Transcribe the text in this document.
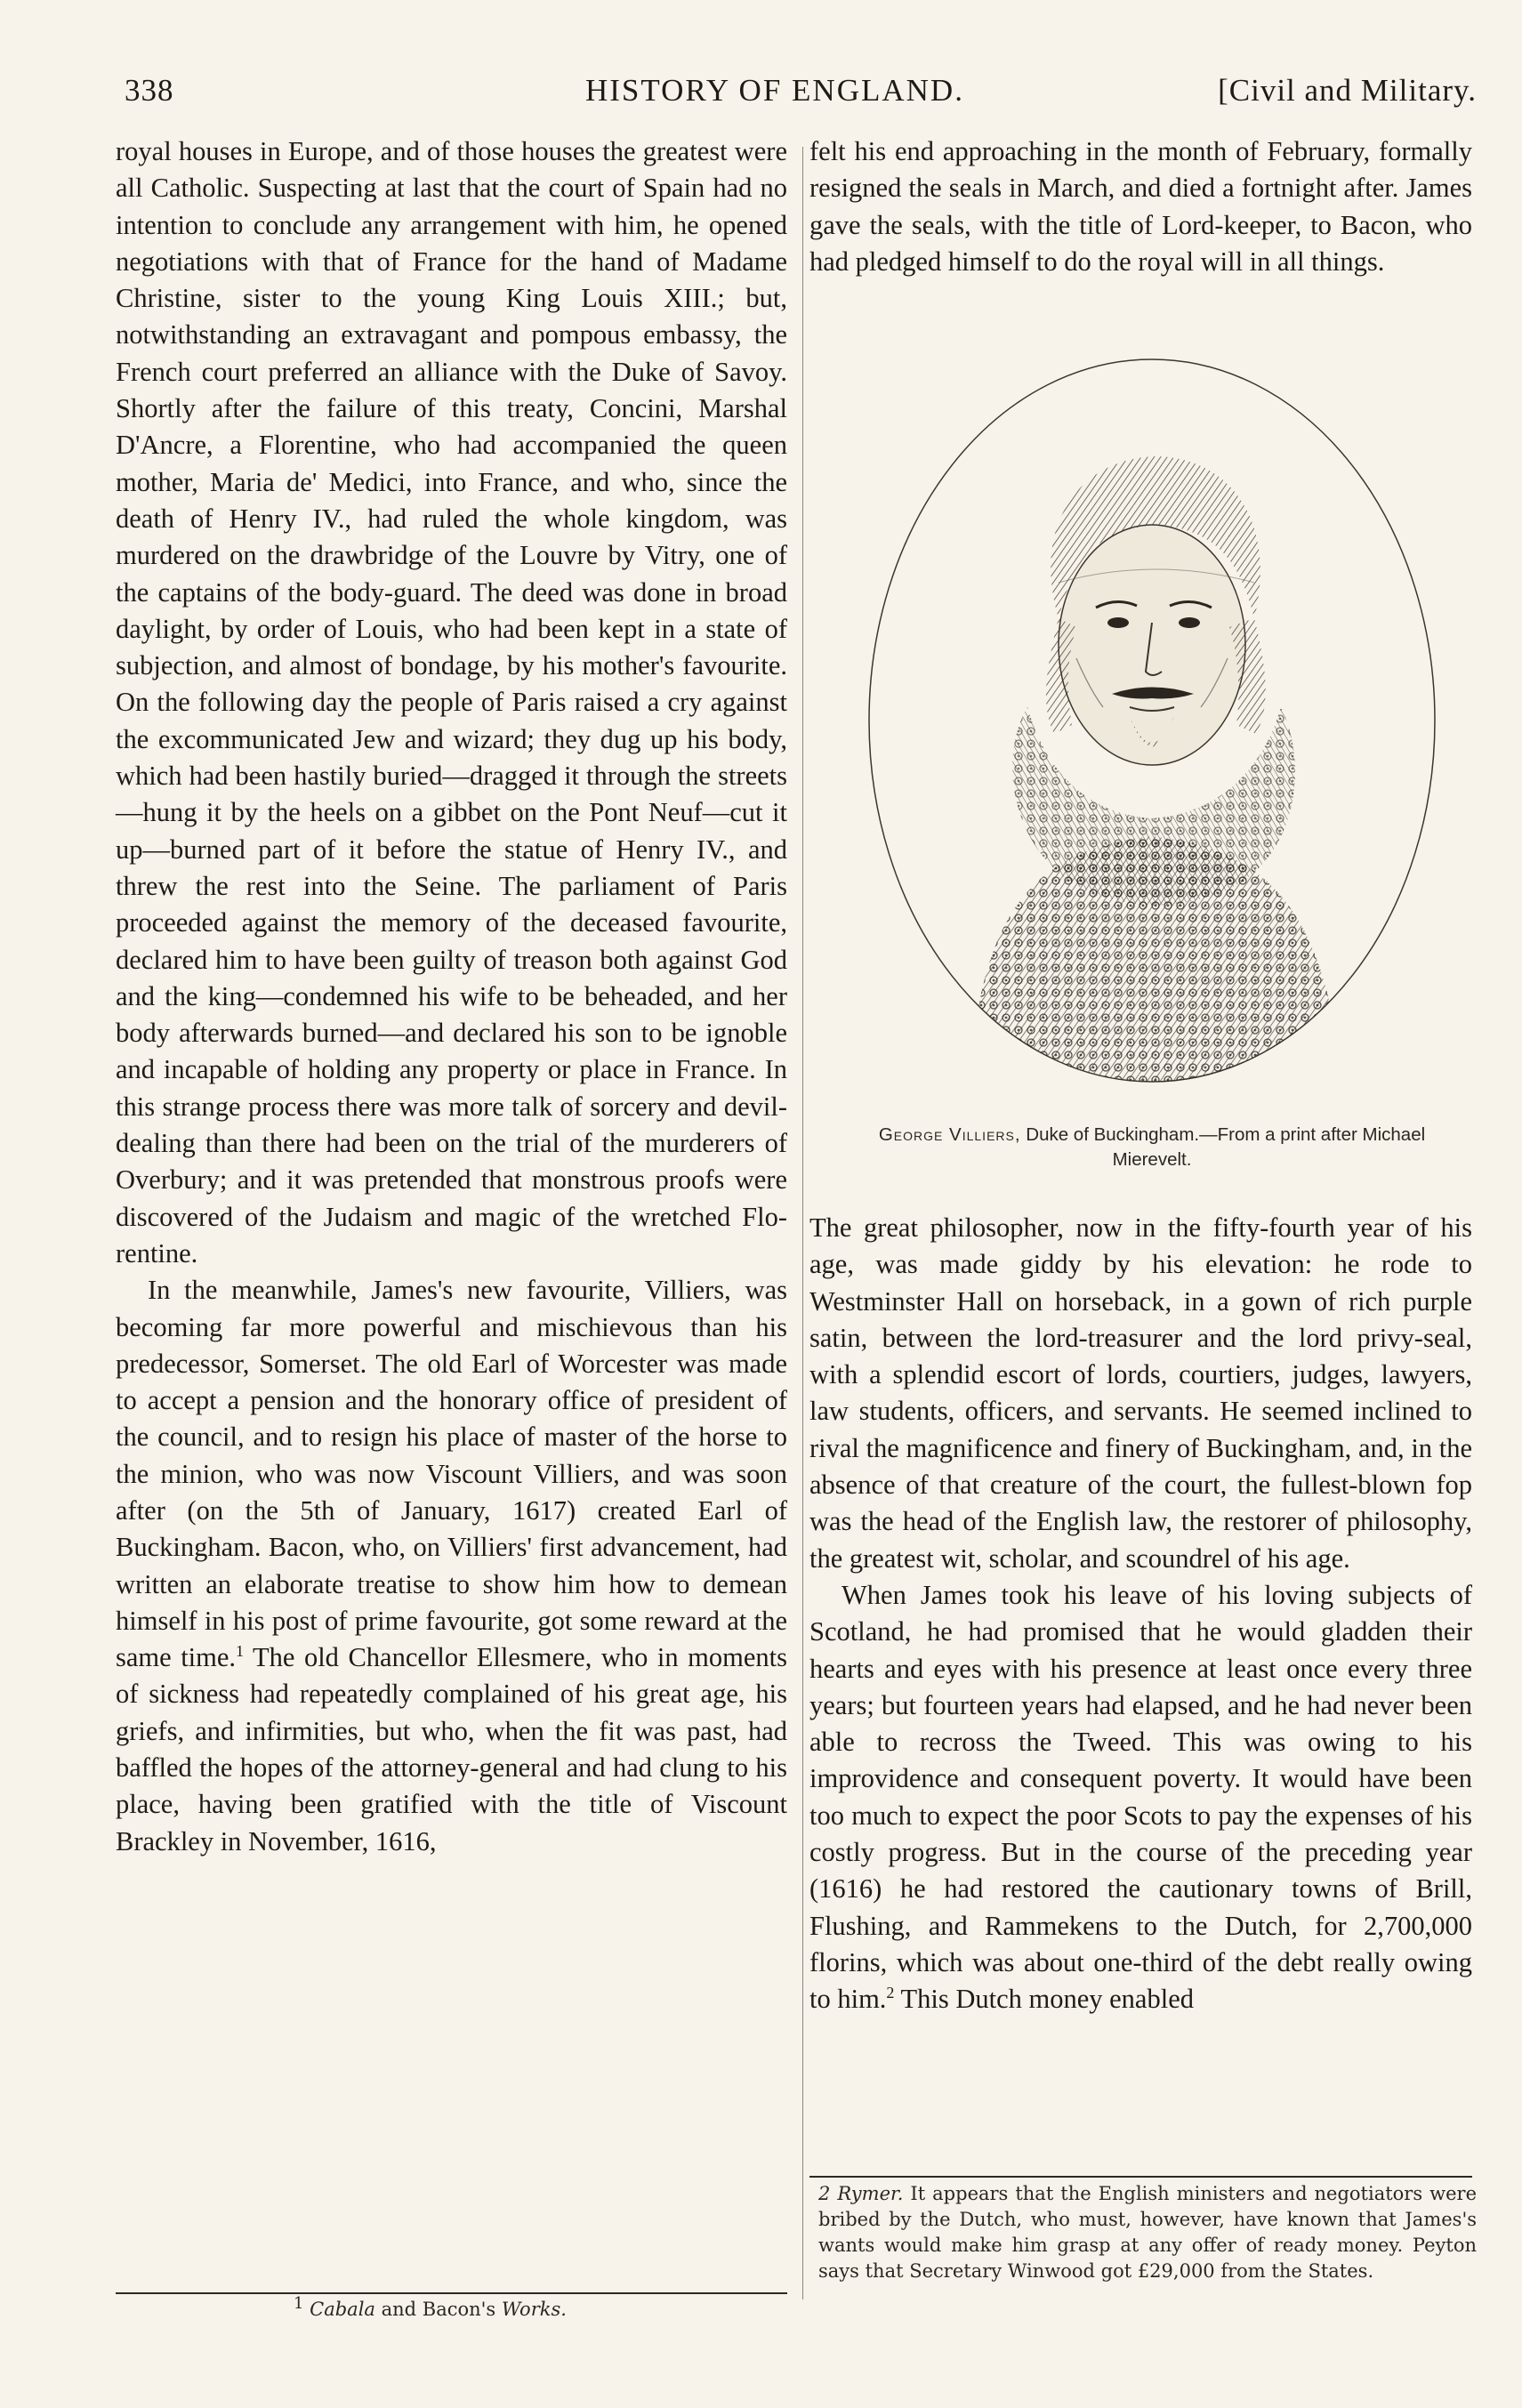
338	HISTORY OF ENGLAND.	[Civil and Military.

royal houses in Europe, and of those houses the greatest were all Catholic. Suspecting at last that the court of Spain had no intention to conclude any arrangement with him, he opened negotiations with that of France for the hand of Madame Christine, sister to the young King Louis XIII.; but, notwithstanding an extravagant and pompous embassy, the French court preferred an alliance with the Duke of Savoy. Shortly after the failure of this treaty, Concini, Marshal D'Ancre, a Florentine, who had accompanied the queen mother, Maria de' Medici, into France, and who, since the death of Henry IV., had ruled the whole kingdom, was murdered on the drawbridge of the Louvre by Vitry, one of the captains of the body-guard. The deed was done in broad daylight, by order of Louis, who had been kept in a state of subjection, and almost of bondage, by his mother's favourite. On the following day the people of Paris raised a cry against the excommunicated Jew and wizard; they dug up his body, which had been hastily buried—dragged it through the streets—hung it by the heels on a gibbet on the Pont Neuf—cut it up—burned part of it before the statue of Henry IV., and threw the rest into the Seine. The parliament of Paris proceeded against the memory of the deceased favourite, declared him to have been guilty of treason both against God and the king—condemned his wife to be beheaded, and her body afterwards burned—and declared his son to be ignoble and incapable of holding any property or place in France. In this strange process there was more talk of sorcery and devil-dealing than there had been on the trial of the murderers of Overbury; and it was pretended that monstrous proofs were discovered of the Judaism and magic of the wretched Florentine.

In the meanwhile, James's new favourite, Villiers, was becoming far more powerful and mischievous than his predecessor, Somerset. The old Earl of Worcester was made to accept a pension and the honorary office of president of the council, and to resign his place of master of the horse to the minion, who was now Viscount Villiers, and was soon after (on the 5th of January, 1617) created Earl of Buckingham. Bacon, who, on Villiers' first advancement, had written an elaborate treatise to show him how to demean himself in his post of prime favourite, got some reward at the same time.$^1$ The old Chancellor Ellesmere, who in moments of sickness had repeatedly complained of his great age, his griefs, and infirmities, but who, when the fit was past, had baffled the hopes of the attorney-general and had clung to his place, having been gratified with the title of Viscount Brackley in November, 1616,

felt his end approaching in the month of February, formally resigned the seals in March, and died a fortnight after. James gave the seals, with the title of Lord-keeper, to Bacon, who had pledged himself to do the royal will in all things.

George Villiers, Duke of Buckingham.—From a print after Michael Mierevelt.

The great philosopher, now in the fifty-fourth year of his age, was made giddy by his elevation: he rode to Westminster Hall on horseback, in a gown of rich purple satin, between the lord-treasurer and the lord privy-seal, with a splendid escort of lords, courtiers, judges, lawyers, law students, officers, and servants. He seemed inclined to rival the magnificence and finery of Buckingham, and, in the absence of that creature of the court, the fullest-blown fop was the head of the English law, the restorer of philosophy, the greatest wit, scholar, and scoundrel of his age.

When James took his leave of his loving subjects of Scotland, he had promised that he would gladden their hearts and eyes with his presence at least once every three years; but fourteen years had elapsed, and he had never been able to recross the Tweed. This was owing to his improvidence and consequent poverty. It would have been too much to expect the poor Scots to pay the expenses of his costly progress. But in the course of the preceding year (1616) he had restored the cautionary towns of Brill, Flushing, and Rammekens to the Dutch, for 2,700,000 florins, which was about one-third of the debt really owing to him.$^2$ This Dutch money enabled

$^1$ Cabala and Bacon's Works.
2 Rymer. It appears that the English ministers and negotiators were bribed by the Dutch, who must, however, have known that James's wants would make him grasp at any offer of ready money. Peyton says that Secretary Winwood got £29,000 from the States.
